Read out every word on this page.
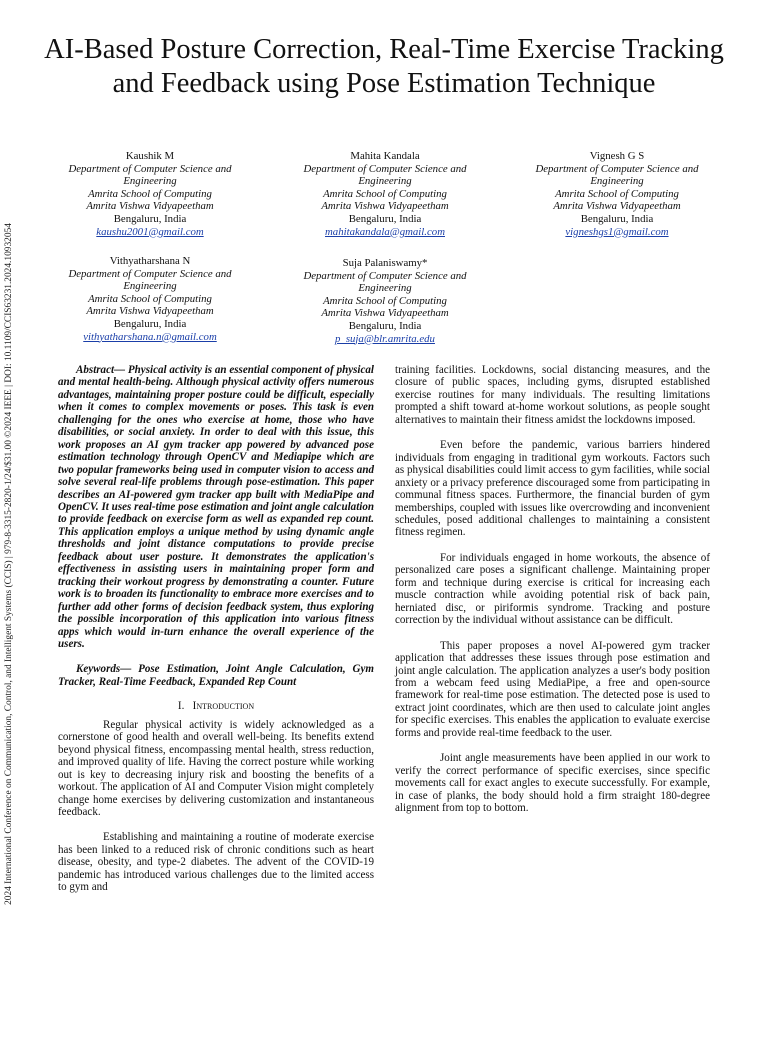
2024 International Conference on Communication, Control, and Intelligent Systems (CCIS) | 979-8-3315-2820-1/24/$31.00 ©2024 IEEE | DOI: 10.1109/CCIS63231.2024.10932054
AI-Based Posture Correction, Real-Time Exercise Tracking and Feedback using Pose Estimation Technique
Kaushik M
Department of Computer Science and Engineering
Amrita School of Computing
Amrita Vishwa Vidyapeetham
Bengaluru, India
kaushu2001@gmail.com
Mahita Kandala
Department of Computer Science and Engineering
Amrita School of Computing
Amrita Vishwa Vidyapeetham
Bengaluru, India
mahitakandala@gmail.com
Vignesh G S
Department of Computer Science and Engineering
Amrita School of Computing
Amrita Vishwa Vidyapeetham
Bengaluru, India
vigneshgs1@gmail.com
Vithyatharshana N
Department of Computer Science and Engineering
Amrita School of Computing
Amrita Vishwa Vidyapeetham
Bengaluru, India
vithyatharshana.n@gmail.com
Suja Palaniswamy*
Department of Computer Science and Engineering
Amrita School of Computing
Amrita Vishwa Vidyapeetham
Bengaluru, India
p_suja@blr.amrita.edu

Abstract— Physical activity is an essential component of physical and mental health-being. Although physical activity offers numerous advantages, maintaining proper posture could be difficult, especially when it comes to complex movements or poses. This task is even challenging for the ones who exercise at home, those who have disabilities, or social anxiety. In order to deal with this issue, this work proposes an AI gym tracker app powered by advanced pose estimation technology through OpenCV and Mediapipe which are two popular frameworks being used in computer vision to access and solve several real-life problems through pose-estimation. This paper describes an AI-powered gym tracker app built with MediaPipe and OpenCV. It uses real-time pose estimation and joint angle calculation to provide feedback on exercise form as well as expanded rep count. This application employs a unique method by using dynamic angle thresholds and joint distance computations to provide precise feedback about user posture. It demonstrates the application's effectiveness in assisting users in maintaining proper form and tracking their workout progress by demonstrating a counter. Future work is to broaden its functionality to embrace more exercises and to further add other forms of decision feedback system, thus exploring the possible incorporation of this application into various fitness apps which would in-turn enhance the overall experience of the users.

Keywords— Pose Estimation, Joint Angle Calculation, Gym Tracker, Real-Time Feedback, Expanded Rep Count

I. Introduction

Regular physical activity is widely acknowledged as a cornerstone of good health and overall well-being. Its benefits extend beyond physical fitness, encompassing mental health, stress reduction, and improved quality of life. Having the correct posture while working out is key to decreasing injury risk and boosting the benefits of a workout. The application of AI and Computer Vision might completely change home exercises by delivering customization and instantaneous feedback.

Establishing and maintaining a routine of moderate exercise has been linked to a reduced risk of chronic conditions such as heart disease, obesity, and type-2 diabetes. The advent of the COVID-19 pandemic has introduced various challenges due to the limited access to gym and

training facilities. Lockdowns, social distancing measures, and the closure of public spaces, including gyms, disrupted established exercise routines for many individuals. The resulting limitations prompted a shift toward at-home workout solutions, as people sought alternatives to maintain their fitness amidst the lockdowns imposed.

Even before the pandemic, various barriers hindered individuals from engaging in traditional gym workouts. Factors such as physical disabilities could limit access to gym facilities, while social anxiety or a privacy preference discouraged some from participating in communal fitness spaces. Furthermore, the financial burden of gym memberships, coupled with issues like overcrowding and inconvenient schedules, posed additional challenges to maintaining a consistent fitness regimen.

For individuals engaged in home workouts, the absence of personalized care poses a significant challenge. Maintaining proper form and technique during exercise is critical for increasing each muscle contraction while avoiding potential risk of back pain, herniated disc, or piriformis syndrome. Tracking and posture correction by the individual without assistance can be difficult.

This paper proposes a novel AI-powered gym tracker application that addresses these issues through pose estimation and joint angle calculation. The application analyzes a user's body position from a webcam feed using MediaPipe, a free and open-source framework for real-time pose estimation. The detected pose is used to extract joint coordinates, which are then used to calculate joint angles for specific exercises. This enables the application to evaluate exercise forms and provide real-time feedback to the user.

Joint angle measurements have been applied in our work to verify the correct performance of specific exercises, since specific movements call for exact angles to execute successfully. For example, in case of planks, the body should hold a firm straight 180-degree alignment from top to bottom.
